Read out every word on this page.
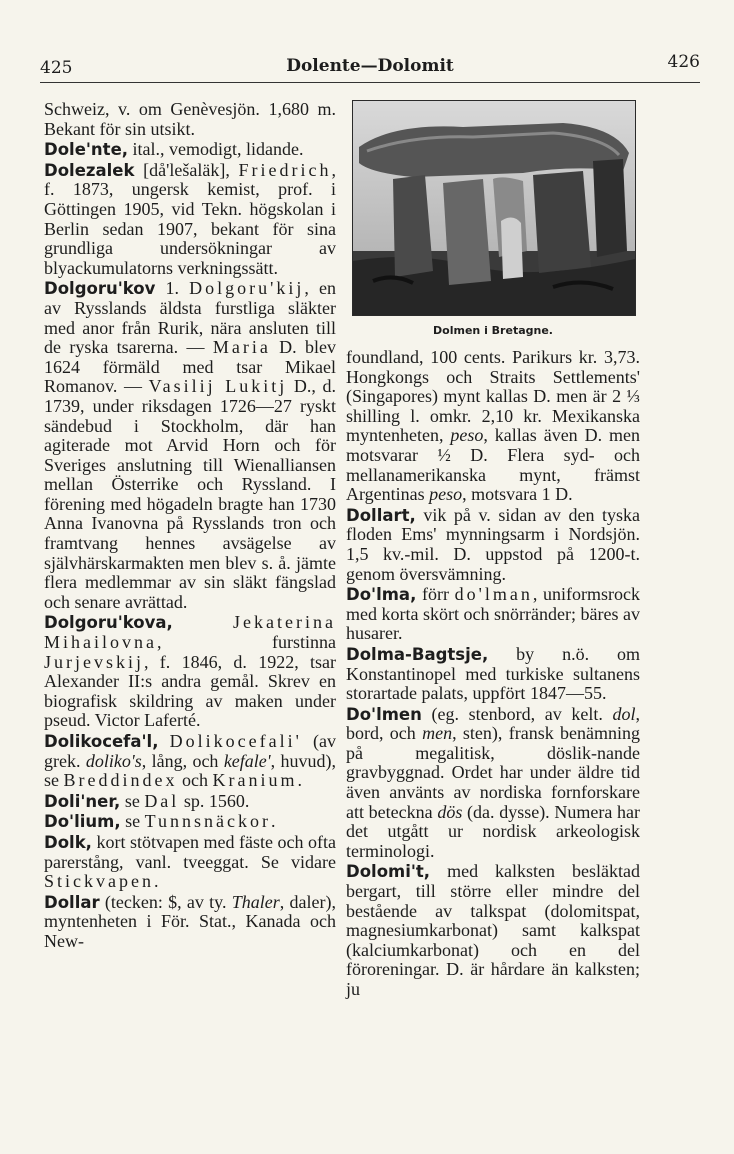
425	Dolente—Dolomit	426

Schweiz, v. om Genèvesjön. 1,680 m. Bekant för sin utsikt.

Dole'nte, ital., vemodigt, lidande.

Dolezalek [då'lešaläk], Friedrich, f. 1873, ungersk kemist, prof. i Göttingen 1905, vid Tekn. högskolan i Berlin sedan 1907, bekant för sina grundliga undersökningar av blyackumulatorns verkningssätt.

Dolgoru'kov 1. Dolgoru'kij, en av Rysslands äldsta furstliga släkter med anor från Rurik, nära ansluten till de ryska tsarerna. — Maria D. blev 1624 förmäld med tsar Mikael Romanov. — Vasilij Lukitj D., d. 1739, under riksdagen 1726—27 ryskt sändebud i Stockholm, där han agiterade mot Arvid Horn och för Sveriges anslutning till Wienalliansen mellan Österrike och Ryssland. I förening med högadeln bragte han 1730 Anna Ivanovna på Rysslands tron och framtvang hennes avsägelse av självhärskarmakten men blev s. å. jämte flera medlemmar av sin släkt fängslad och senare avrättad.

Dolgoru'kova,	Jekaterina Mihailovna, furstinna Jurjevskij, f. 1846, d. 1922, tsar Alexander II:s andra gemål. Skrev en biografisk skildring av maken under pseud. Victor Laferté.

Dolikocefa'l, Dolikocefali' (av grek. doliko's, lång, och kefale', huvud), se Breddindex och Kranium.

Doli'ner, se Dal sp. 1560.

Do'lium, se Tunnsnäckor.

Dolk, kort stötvapen med fäste och ofta parerstång, vanl. tveeggat. Se vidare Stickvapen.

Dollar (tecken: $, av ty. Thaler, daler), myntenheten i För. Stat., Kanada och New-

Dolmen i Bretagne.

foundland, 100 cents. Parikurs kr. 3,73. Hongkongs och Straits Settlements' (Singapores) mynt kallas D. men är 2 ⅓ shilling l. omkr. 2,10 kr. Mexikanska myntenheten, peso, kallas även D. men motsvarar ½ D. Flera syd- och mellanamerikanska mynt, främst Argentinas peso, motsvara 1 D.

Dollart, vik på v. sidan av den tyska floden Ems' mynningsarm i Nordsjön. 1,5 kv.-mil. D. uppstod på 1200-t. genom översvämning.

Do'lma, förr do'lman, uniformsrock med korta skört och snörränder; bäres av husarer.

Dolma-Bagtsje, by n.ö. om Konstantinopel med turkiske sultanens storartade palats, uppfört 1847—55.

Do'lmen (eg. stenbord, av kelt. dol, bord, och men, sten), fransk benämning på megalitisk, döslik-nande gravbyggnad. Ordet har under äldre tid även använts av nordiska fornforskare att beteckna dös (da. dysse). Numera har det utgått ur nordisk arkeologisk terminologi.

Dolomi't, med kalksten besläktad bergart, till större eller mindre del bestående av talkspat (dolomitspat, magnesiumkarbonat) samt kalkspat (kalciumkarbonat) och en del föroreningar. D. är hårdare än kalksten; ju
